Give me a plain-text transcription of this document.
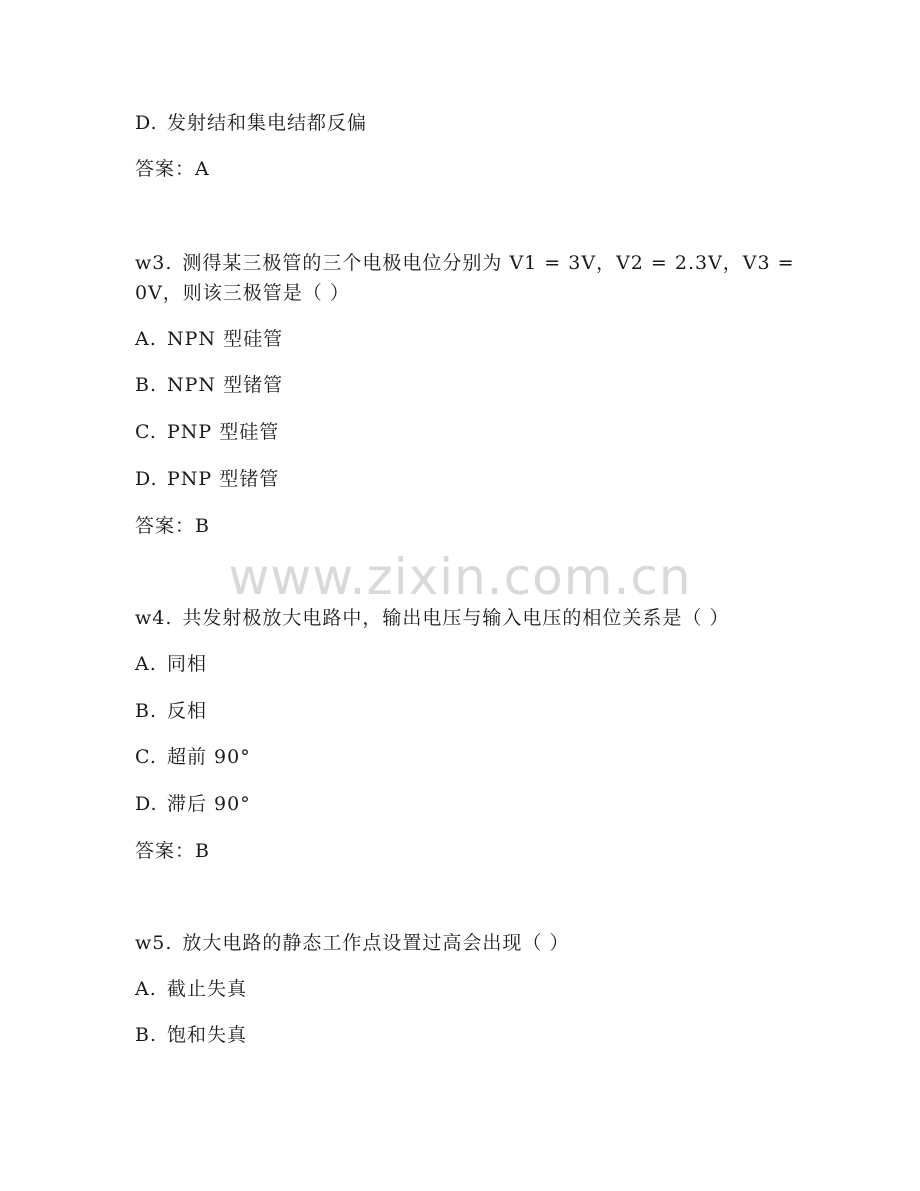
D. 发射结和集电结都反偏
答案：A
w3. 测得某三极管的三个电极电位分别为 V1 = 3V，V2 = 2.3V，V3 =
0V，则该三极管是（ ）
A. NPN 型硅管
B. NPN 型锗管
C. PNP 型硅管
D. PNP 型锗管
答案：B
www.zixin.com.cn
w4. 共发射极放大电路中，输出电压与输入电压的相位关系是（ ）
A. 同相
B. 反相
C. 超前 90°
D. 滞后 90°
答案：B
w5. 放大电路的静态工作点设置过高会出现（ ）
A. 截止失真
B. 饱和失真
